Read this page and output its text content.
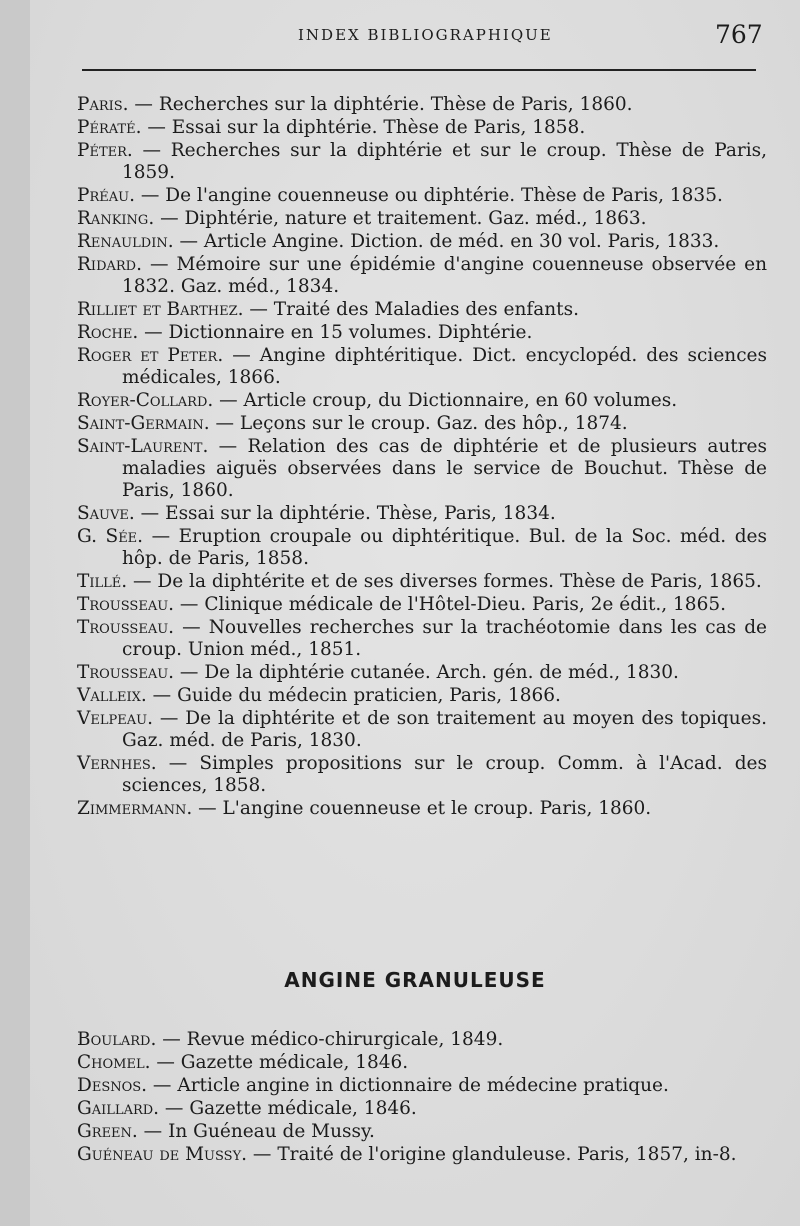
INDEX BIBLIOGRAPHIQUE	767

Paris. — Recherches sur la diphtérie. Thèse de Paris, 1860.

Pératé. — Essai sur la diphtérie. Thèse de Paris, 1858.

Péter. — Recherches sur la diphtérie et sur le croup. Thèse de Paris, 1859.

Préau. — De l'angine couenneuse ou diphtérie. Thèse de Paris, 1835.

Ranking. — Diphtérie, nature et traitement. Gaz. méd., 1863.

Renauldin. — Article Angine. Diction. de méd. en 30 vol. Paris, 1833.

Ridard. — Mémoire sur une épidémie d'angine couenneuse observée en 1832. Gaz. méd., 1834.

Rilliet et Barthez. — Traité des Maladies des enfants.

Roche. — Dictionnaire en 15 volumes. Diphtérie.

Roger et Peter. — Angine diphtéritique. Dict. encyclopéd. des sciences médicales, 1866.

Royer-Collard. — Article croup, du Dictionnaire, en 60 volumes.

Saint-Germain. — Leçons sur le croup. Gaz. des hôp., 1874.

Saint-Laurent. — Relation des cas de diphtérie et de plusieurs autres maladies aiguës observées dans le service de Bouchut. Thèse de Paris, 1860.

Sauve. — Essai sur la diphtérie. Thèse, Paris, 1834.

G. Sée. — Eruption croupale ou diphtéritique. Bul. de la Soc. méd. des hôp. de Paris, 1858.

Tillé. — De la diphtérite et de ses diverses formes. Thèse de Paris, 1865.

Trousseau. — Clinique médicale de l'Hôtel-Dieu. Paris, 2e édit., 1865.

Trousseau. — Nouvelles recherches sur la trachéotomie dans les cas de croup. Union méd., 1851.

Trousseau. — De la diphtérie cutanée. Arch. gén. de méd., 1830.

Valleix. — Guide du médecin praticien, Paris, 1866.

Velpeau. — De la diphtérite et de son traitement au moyen des topiques. Gaz. méd. de Paris, 1830.

Vernhes. — Simples propositions sur le croup. Comm. à l'Acad. des sciences, 1858.

Zimmermann. — L'angine couenneuse et le croup. Paris, 1860.

ANGINE GRANULEUSE

Boulard. — Revue médico-chirurgicale, 1849.

Chomel. — Gazette médicale, 1846.

Desnos. — Article angine in dictionnaire de médecine pratique.

Gaillard. — Gazette médicale, 1846.

Green. — In Guéneau de Mussy.

Guéneau de Mussy. — Traité de l'origine glanduleuse. Paris, 1857, in-8.
